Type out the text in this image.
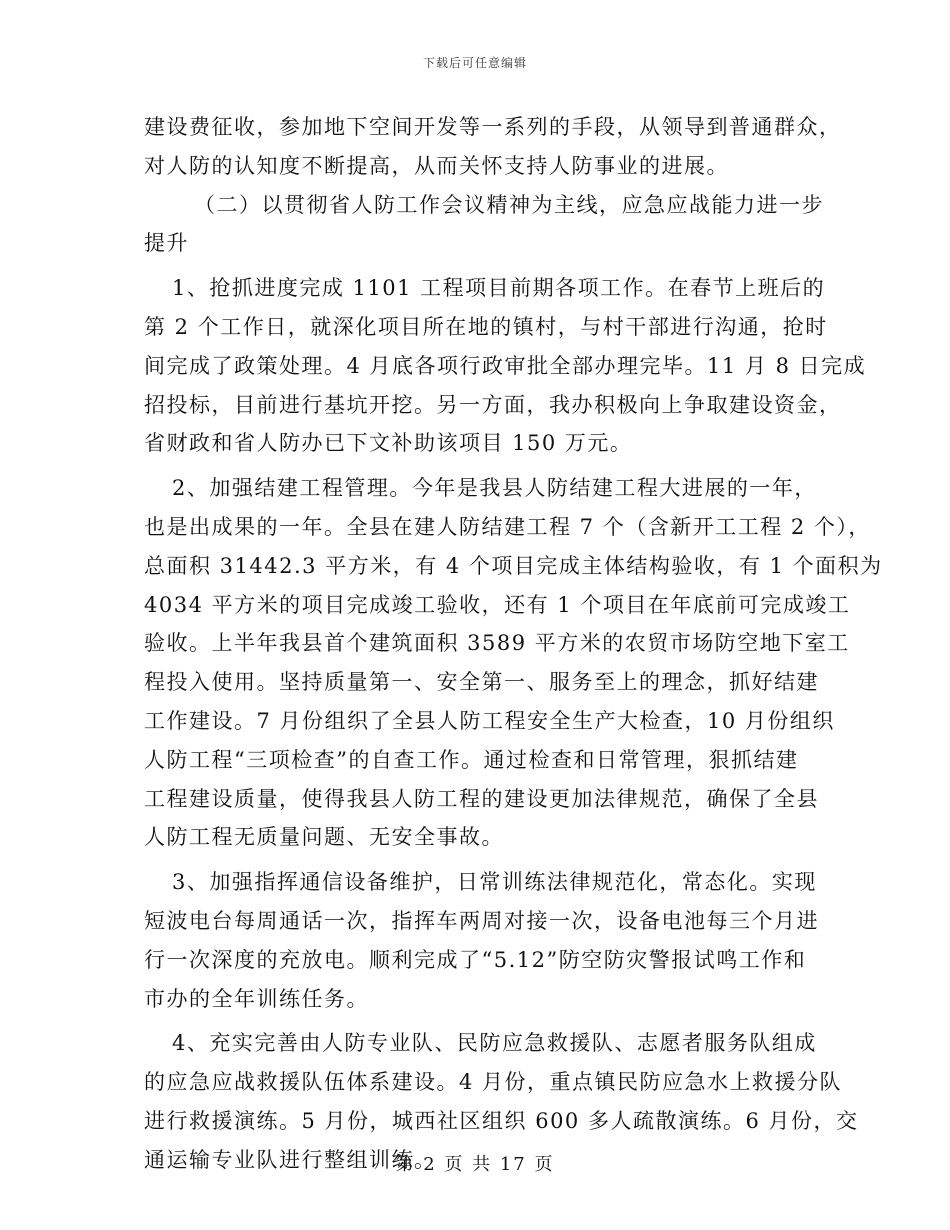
下载后可任意编辑
建设费征收，参加地下空间开发等一系列的手段，从领导到普通群众，
对人防的认知度不断提高，从而关怀支持人防事业的进展。
（二）以贯彻省人防工作会议精神为主线，应急应战能力进一步
提升
1、抢抓进度完成 1101 工程项目前期各项工作。在春节上班后的
第 2 个工作日，就深化项目所在地的镇村，与村干部进行沟通，抢时
间完成了政策处理。4 月底各项行政审批全部办理完毕。11 月 8 日完成
招投标，目前进行基坑开挖。另一方面，我办积极向上争取建设资金，
省财政和省人防办已下文补助该项目 150 万元。
2、加强结建工程管理。今年是我县人防结建工程大进展的一年，
也是出成果的一年。全县在建人防结建工程 7 个（含新开工工程 2 个），
总面积 31442.3 平方米，有 4 个项目完成主体结构验收，有 1 个面积为
4034 平方米的项目完成竣工验收，还有 1 个项目在年底前可完成竣工
验收。上半年我县首个建筑面积 3589 平方米的农贸市场防空地下室工
程投入使用。坚持质量第一、安全第一、服务至上的理念，抓好结建
工作建设。7 月份组织了全县人防工程安全生产大检查，10 月份组织
人防工程“三项检查”的自查工作。通过检查和日常管理，狠抓结建
工程建设质量，使得我县人防工程的建设更加法律规范，确保了全县
人防工程无质量问题、无安全事故。
3、加强指挥通信设备维护，日常训练法律规范化，常态化。实现
短波电台每周通话一次，指挥车两周对接一次，设备电池每三个月进
行一次深度的充放电。顺利完成了“5.12”防空防灾警报试鸣工作和
市办的全年训练任务。
4、充实完善由人防专业队、民防应急救援队、志愿者服务队组成
的应急应战救援队伍体系建设。4 月份，重点镇民防应急水上救援分队
进行救援演练。5 月份，城西社区组织 600 多人疏散演练。6 月份，交
通运输专业队进行整组训练。
第 2 页 共 17 页
